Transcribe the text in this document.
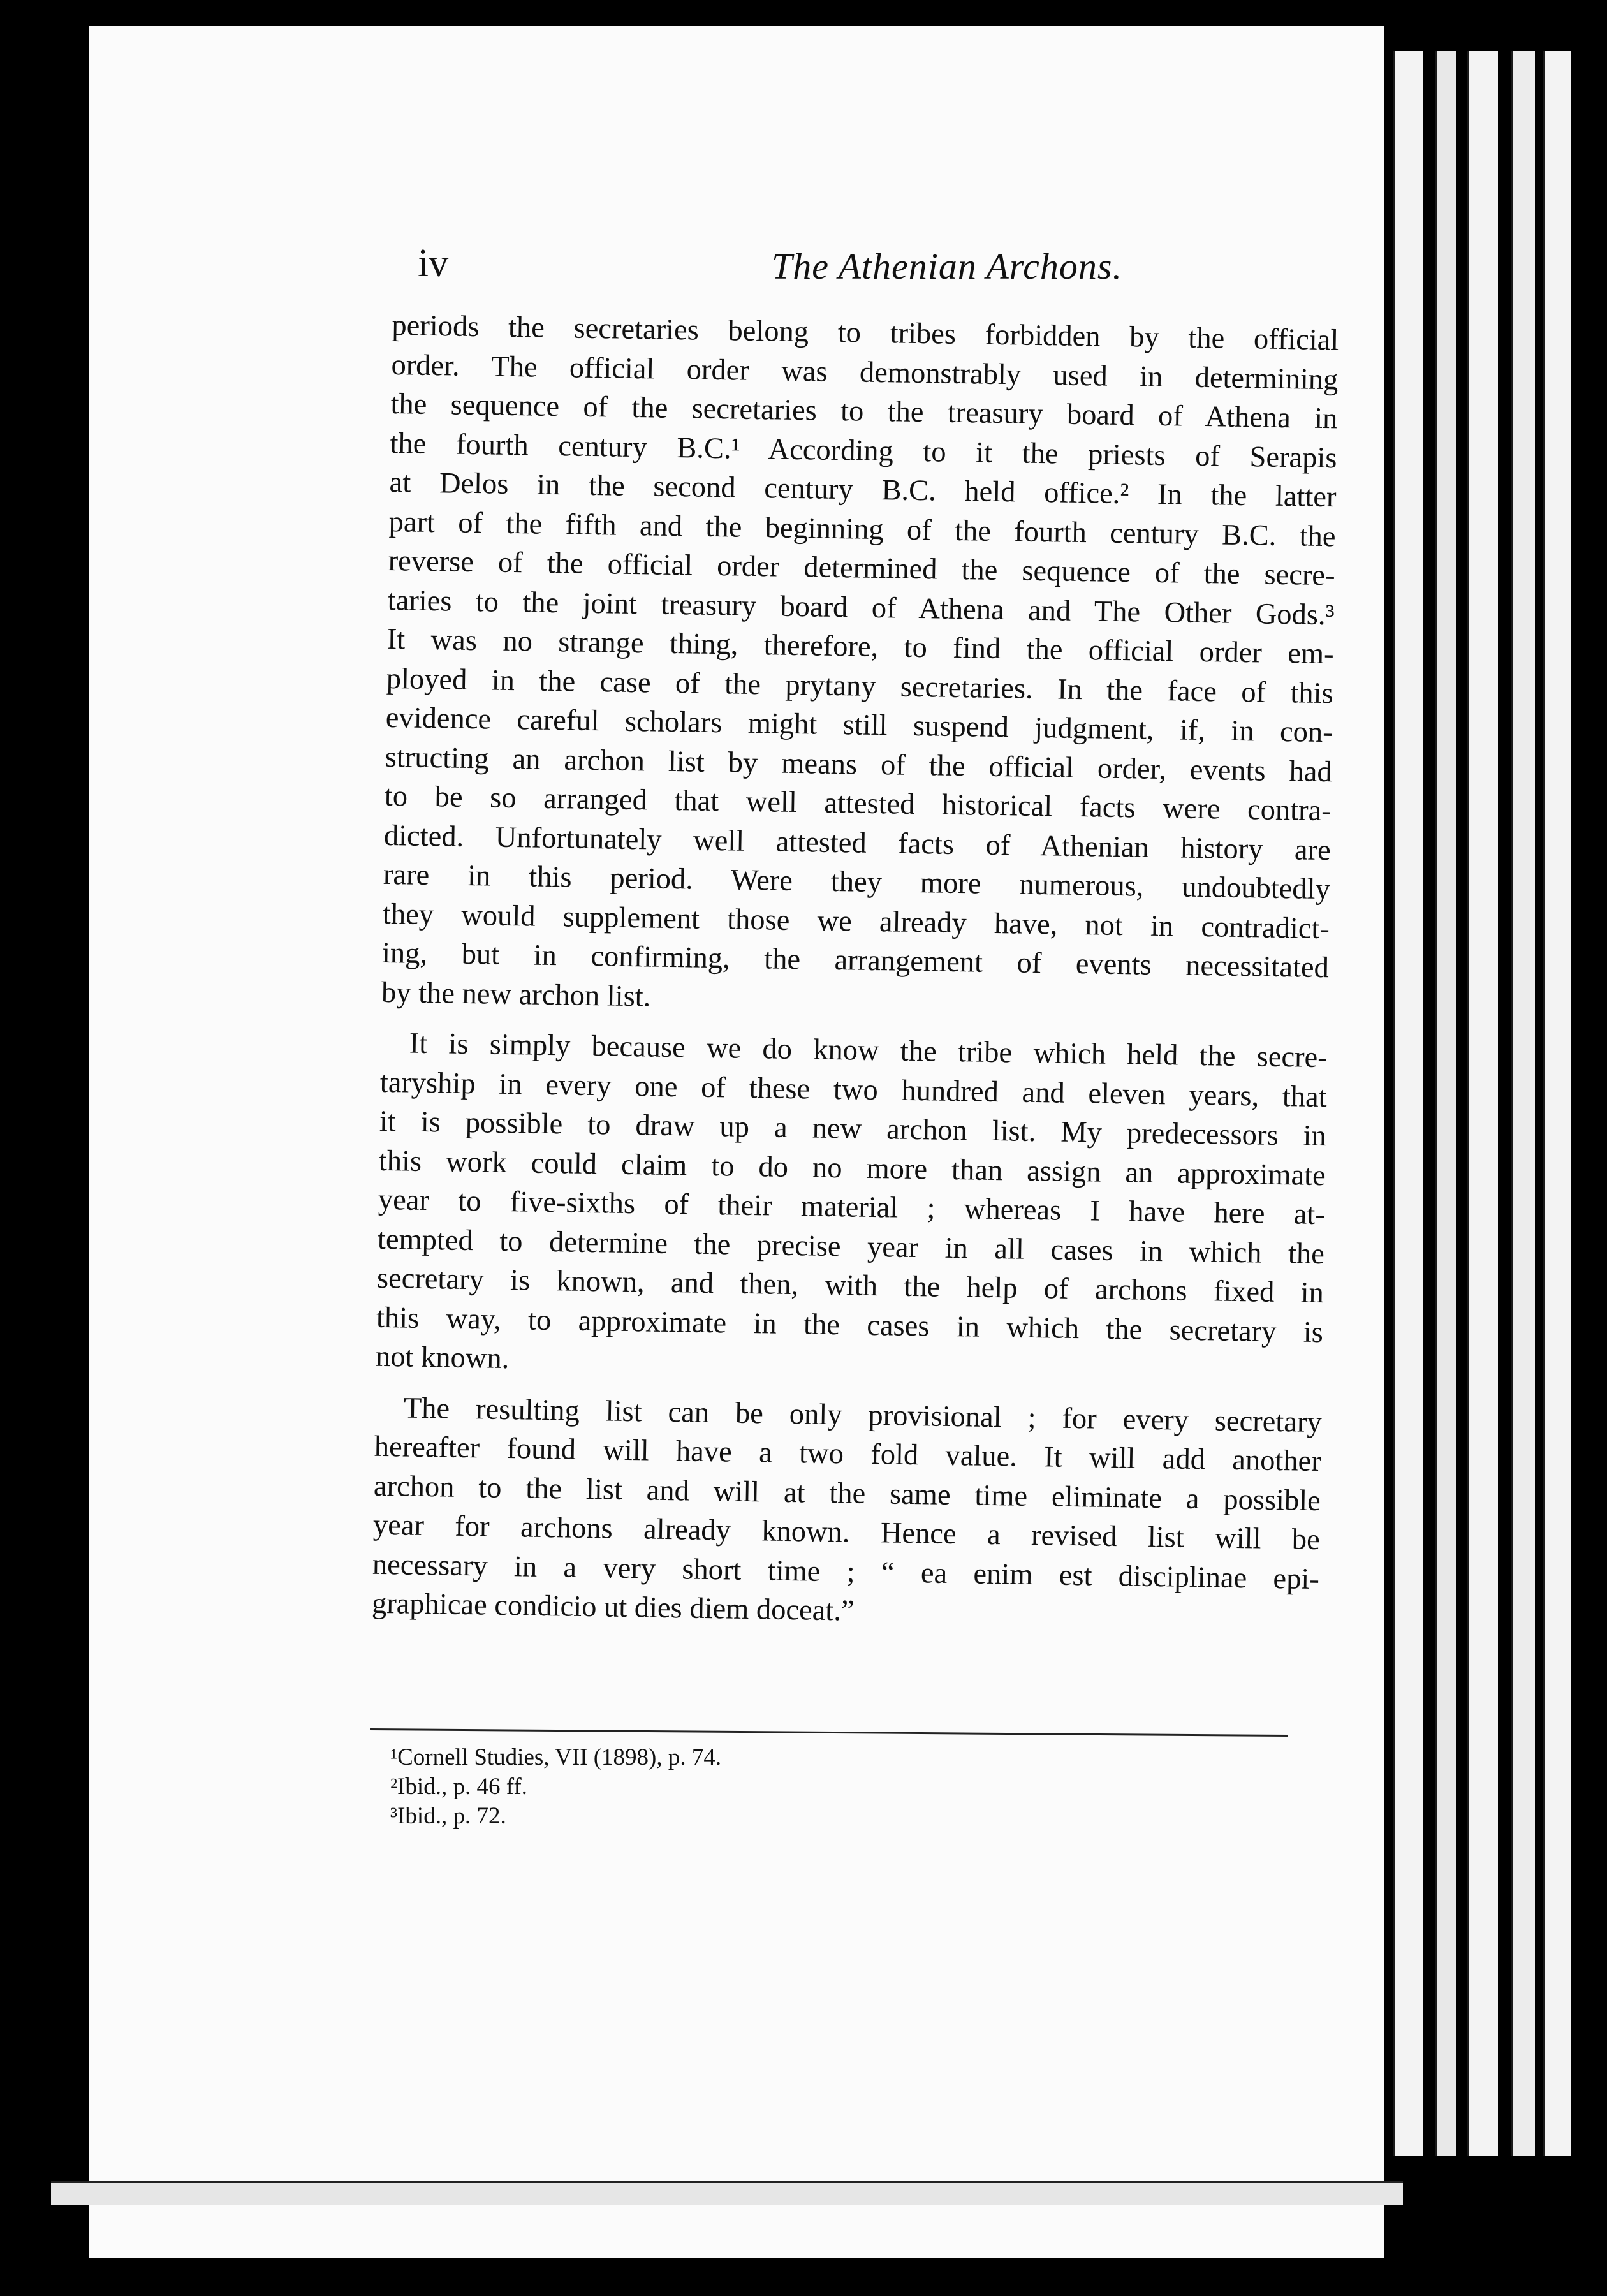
iv	The Athenian Archons.
periods the secretaries belong to tribes forbidden by the official
order. The official order was demonstrably used in determining
the sequence of the secretaries to the treasury board of Athena in
the fourth century B.C.¹ According to it the priests of Serapis
at Delos in the second century B.C. held office.² In the latter
part of the fifth and the beginning of the fourth century B.C. the
reverse of the official order determined the sequence of the secre-
taries to the joint treasury board of Athena and The Other Gods.³
It was no strange thing, therefore, to find the official order em-
ployed in the case of the prytany secretaries. In the face of this
evidence careful scholars might still suspend judgment, if, in con-
structing an archon list by means of the official order, events had
to be so arranged that well attested historical facts were contra-
dicted. Unfortunately well attested facts of Athenian history are
rare in this period. Were they more numerous, undoubtedly
they would supplement those we already have, not in contradict-
ing, but in confirming, the arrangement of events necessitated
by the new archon list.
It is simply because we do know the tribe which held the secre-
taryship in every one of these two hundred and eleven years, that
it is possible to draw up a new archon list. My predecessors in
this work could claim to do no more than assign an approximate
year to five-sixths of their material ; whereas I have here at-
tempted to determine the precise year in all cases in which the
secretary is known, and then, with the help of archons fixed in
this way, to approximate in the cases in which the secretary is
not known.
The resulting list can be only provisional ; for every secretary
hereafter found will have a two fold value. It will add another
archon to the list and will at the same time eliminate a possible
year for archons already known. Hence a revised list will be
necessary in a very short time ; “ ea enim est disciplinae epi-
graphicae condicio ut dies diem doceat.”
¹Cornell Studies, VII (1898), p. 74.
²Ibid., p. 46 ff.
³Ibid., p. 72.
